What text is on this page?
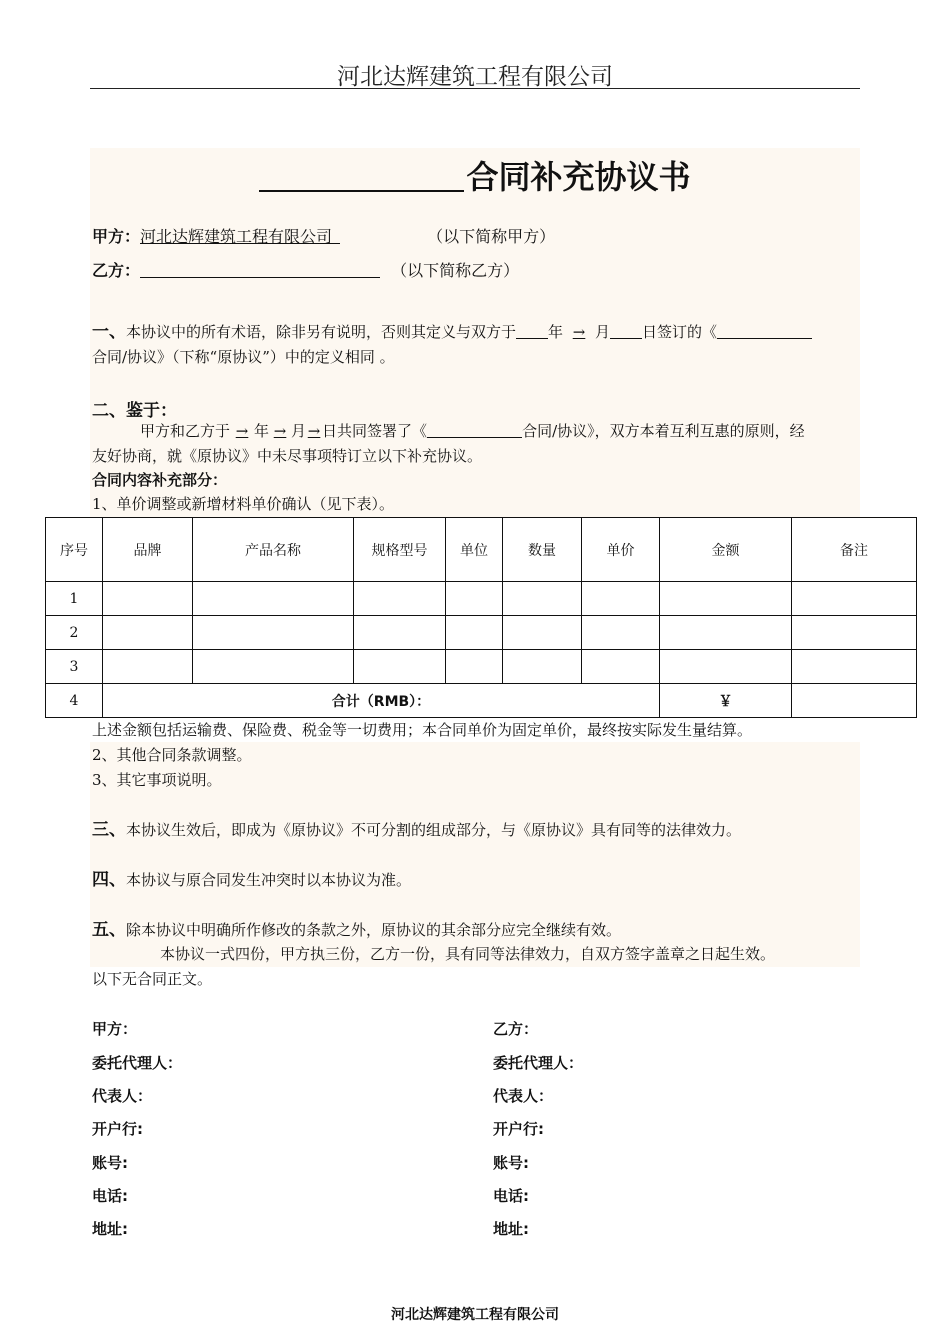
河北达辉建筑工程有限公司
合同补充协议书
甲方：河北达辉建筑工程有限公司	（以下简称甲方）
乙方：	（以下简称乙方）
一、本协议中的所有术语，除非另有说明，否则其定义与双方于 年 → 月 日签订的《
合同/协议》（下称“原协议”）中的定义相同 。
二、鉴于：
甲方和乙方于 → 年 → 月 → 日共同签署了《	合同/协议》，双方本着互利互惠的原则，经
友好协商，就《原协议》中未尽事项特订立以下补充协议。
合同内容补充部分：
1、单价调整或新增材料单价确认（见下表）。
序号	品牌	产品名称	规格型号	单位	数量	单价	金额	备注
1								
2								
3								
4	合计（RMB）：						￥	
上述金额包括运输费、保险费、税金等一切费用；本合同单价为固定单价，最终按实际发生量结算。
2、其他合同条款调整。
3、其它事项说明。
三、本协议生效后，即成为《原协议》不可分割的组成部分，与《原协议》具有同等的法律效力。
四、本协议与原合同发生冲突时以本协议为准。
五、除本协议中明确所作修改的条款之外，原协议的其余部分应完全继续有效。
本协议一式四份，甲方执三份，乙方一份，具有同等法律效力，自双方签字盖章之日起生效。
以下无合同正文。
甲方：
委托代理人：
代表人：
开户行:
账号:
电话:
地址:
乙方：
委托代理人：
代表人：
开户行:
账号:
电话:
地址:
河北达辉建筑工程有限公司
